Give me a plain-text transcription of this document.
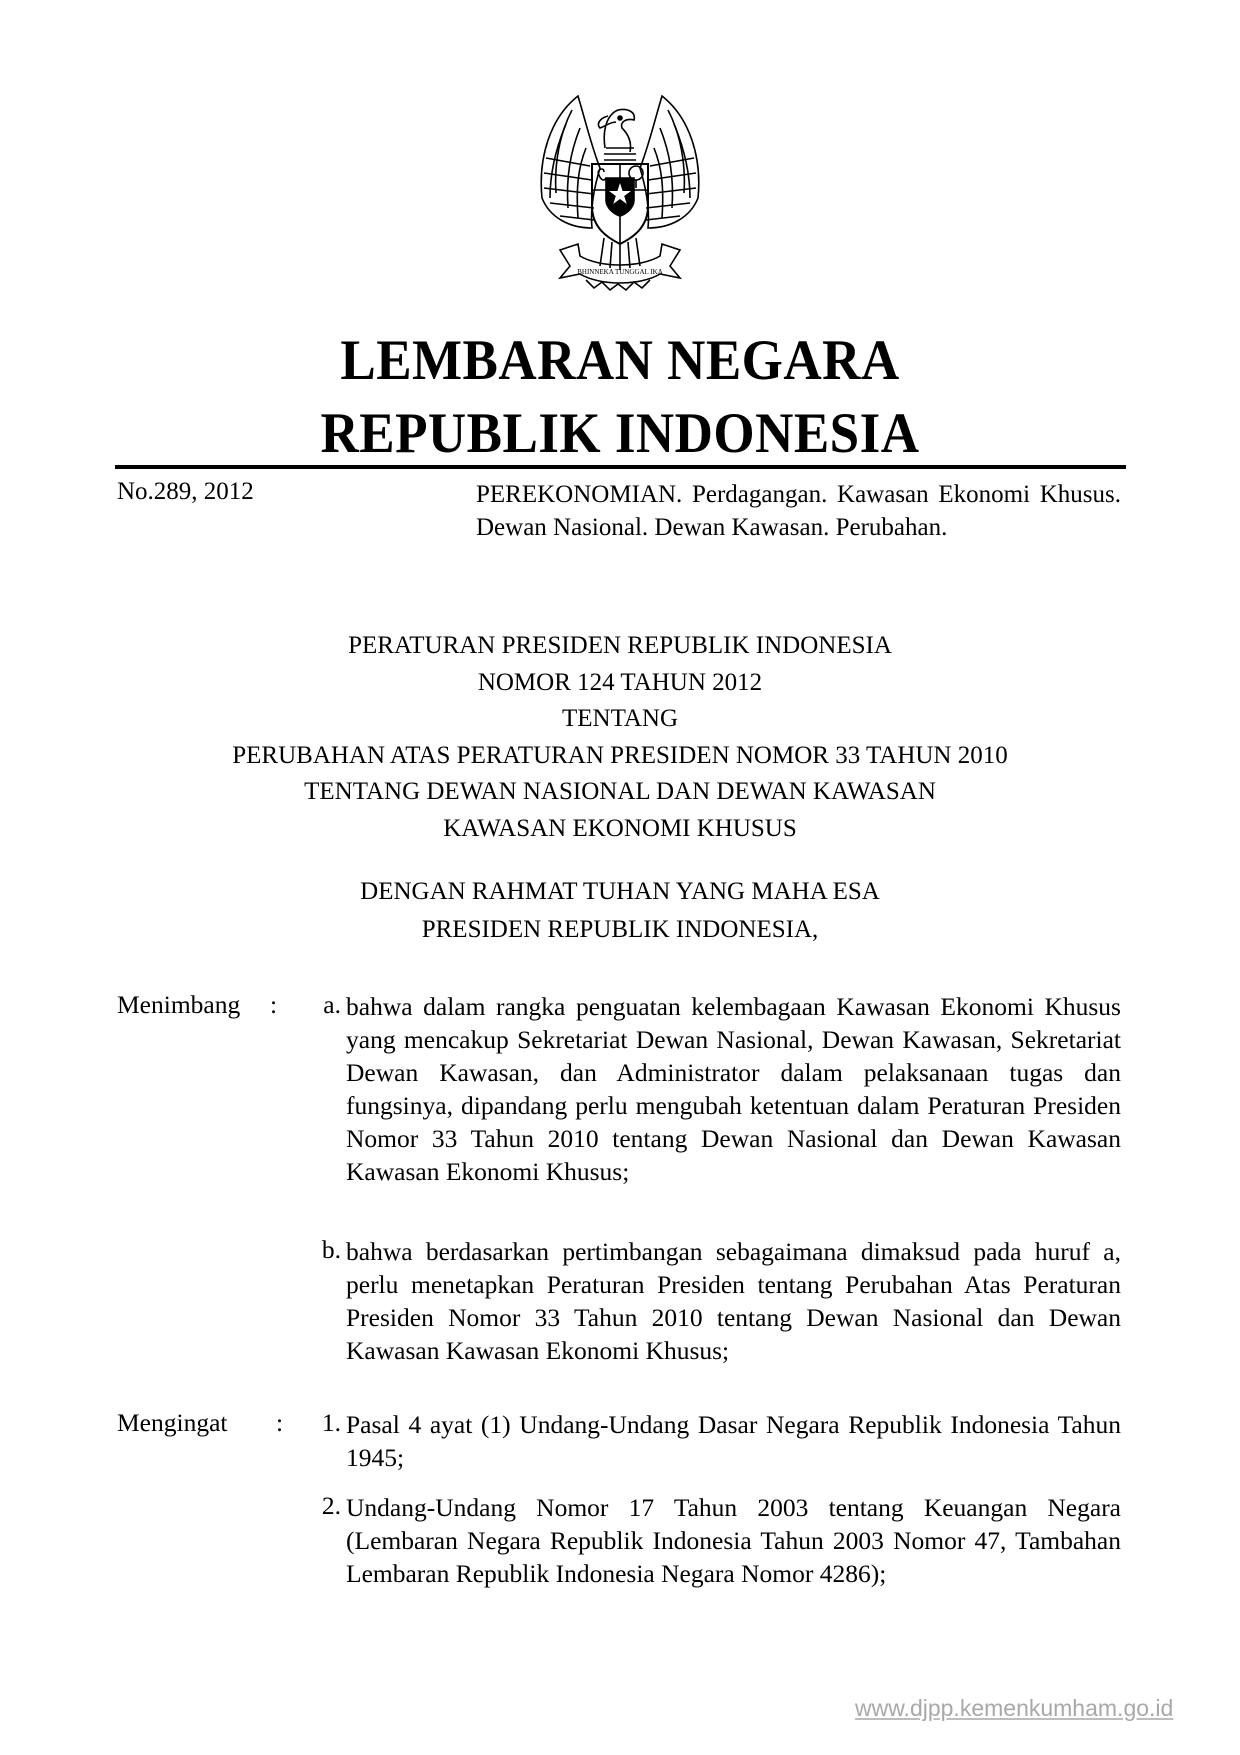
BHINNEKA TUNGGAL IKA
LEMBARAN NEGARA
REPUBLIK INDONESIA
No.289, 2012	PEREKONOMIAN. Perdagangan. Kawasan Ekonomi Khusus. Dewan Nasional. Dewan Kawasan. Perubahan.
PERATURAN PRESIDEN REPUBLIK INDONESIA
NOMOR 124 TAHUN 2012
TENTANG
PERUBAHAN ATAS PERATURAN PRESIDEN NOMOR 33 TAHUN 2010
TENTANG DEWAN NASIONAL DAN DEWAN KAWASAN
KAWASAN EKONOMI KHUSUS
DENGAN RAHMAT TUHAN YANG MAHA ESA
PRESIDEN REPUBLIK INDONESIA,
Menimbang :	a. bahwa dalam rangka penguatan kelembagaan Kawasan Ekonomi Khusus yang mencakup Sekretariat Dewan Nasional, Dewan Kawasan, Sekretariat Dewan Kawasan, dan Administrator dalam pelaksanaan tugas dan fungsinya, dipandang perlu mengubah ketentuan dalam Peraturan Presiden Nomor 33 Tahun 2010 tentang Dewan Nasional dan Dewan Kawasan Kawasan Ekonomi Khusus;
b. bahwa berdasarkan pertimbangan sebagaimana dimaksud pada huruf a, perlu menetapkan Peraturan Presiden tentang Perubahan Atas Peraturan Presiden Nomor 33 Tahun 2010 tentang Dewan Nasional dan Dewan Kawasan Kawasan Ekonomi Khusus;
Mengingat :	1. Pasal 4 ayat (1) Undang-Undang Dasar Negara Republik Indonesia Tahun 1945;
2. Undang-Undang Nomor 17 Tahun 2003 tentang Keuangan Negara (Lembaran Negara Republik Indonesia Tahun 2003 Nomor 47, Tambahan Lembaran Republik Indonesia Negara Nomor 4286);
www.djpp.kemenkumham.go.id
